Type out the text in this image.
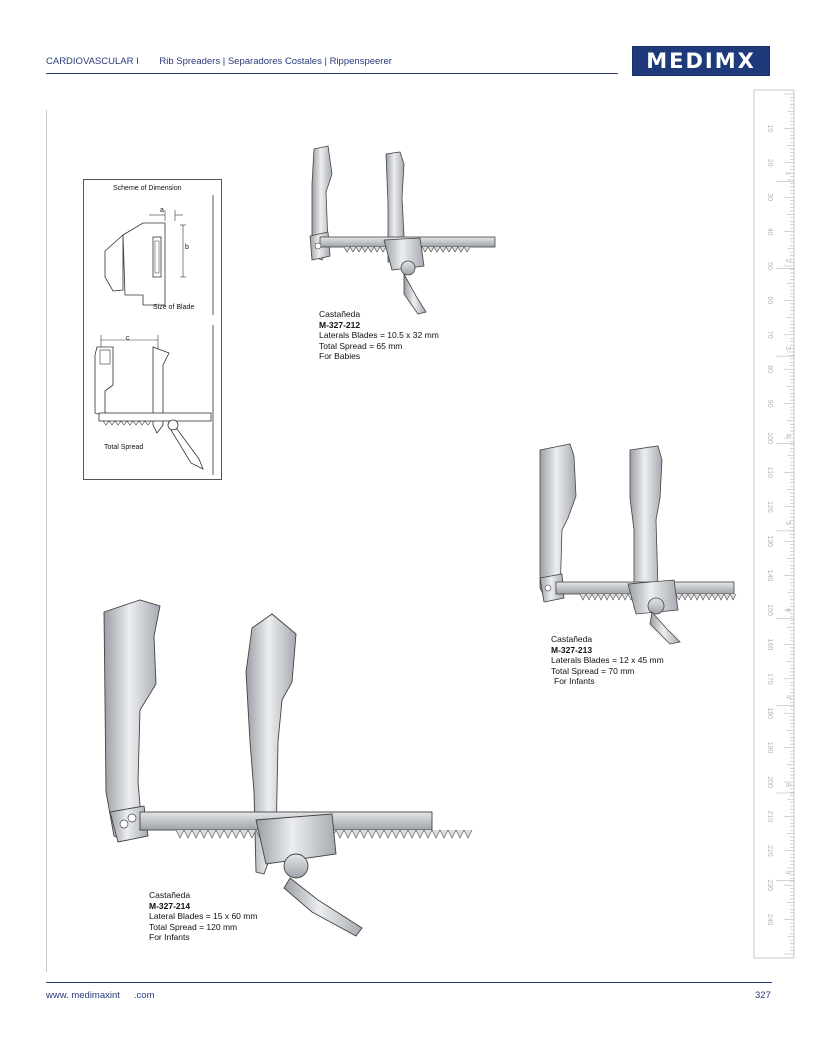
CARDIOVASCULAR I Rib Spreaders | Separadores Costales | Rippenspeerer	MEDIMX
10
20
30
40
50
60
70
80
90
100
110
120
130
140
150
160
170
180
190
200
210
220
230
240
1
2
3
4
5
6
7
8
9
Scheme of Dimension
a
b
Size of Blade
c
Total Spread
Castañeda
M-327-212
Laterals Blades = 10.5 x 32 mm
Total Spread = 65 mm
For Babies
Castañeda
M-327-213
Laterals Blades = 12 x 45 mm
Total Spread = 70 mm
For Infants
Castañeda
M-327-214
Lateral Blades = 15 x 60 mm
Total Spread = 120 mm
For Infants
www. medimaxint .com	327
